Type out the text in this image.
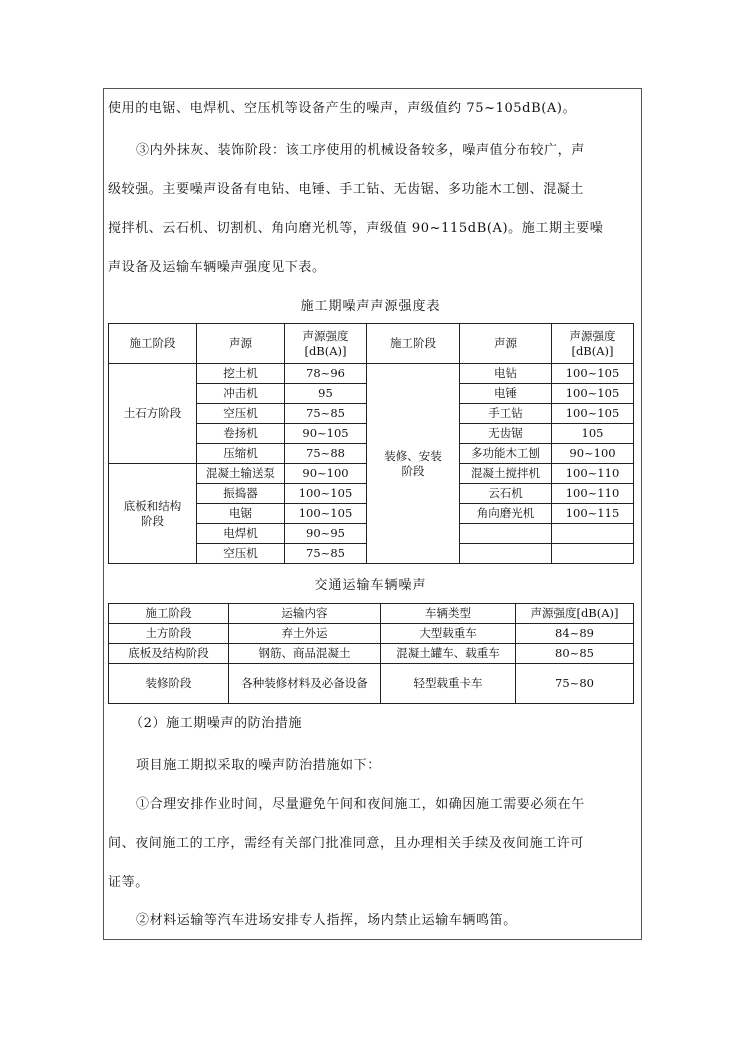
使用的电锯、电焊机、空压机等设备产生的噪声，声级值约 75~105dB(A)。
③内外抹灰、装饰阶段：该工序使用的机械设备较多，噪声值分布较广，声
级较强。主要噪声设备有电钻、电锤、手工钻、无齿锯、多功能木工刨、混凝土
搅拌机、云石机、切割机、角向磨光机等，声级值 90~115dB(A)。施工期主要噪
声设备及运输车辆噪声强度见下表。
施工期噪声声源强度表
施工阶段	声源	声源强度[dB(A)]	施工阶段	声源	声源强度[dB(A)]
土石方阶段	挖土机	78~96	装修、安装阶段	电钻	100~105
	冲击机	95		电锤	100~105
	空压机	75~85		手工钻	100~105
	卷扬机	90~105		无齿锯	105
	压缩机	75~88		多功能木工刨	90~100
底板和结构阶段	混凝土输送泵	90~100		混凝土搅拌机	100~110
	振捣器	100~105		云石机	100~110
	电锯	100~105		角向磨光机	100~115
	电焊机	90~95			
	空压机	75~85			
交通运输车辆噪声
施工阶段	运输内容	车辆类型	声源强度[dB(A)]
土方阶段	弃土外运	大型载重车	84~89
底板及结构阶段	钢筋、商品混凝土	混凝土罐车、载重车	80~85
装修阶段	各种装修材料及必备设备	轻型载重卡车	75~80
（2）施工期噪声的防治措施
项目施工期拟采取的噪声防治措施如下：
①合理安排作业时间，尽量避免午间和夜间施工，如确因施工需要必须在午
间、夜间施工的工序，需经有关部门批准同意，且办理相关手续及夜间施工许可
证等。
②材料运输等汽车进场安排专人指挥，场内禁止运输车辆鸣笛。
